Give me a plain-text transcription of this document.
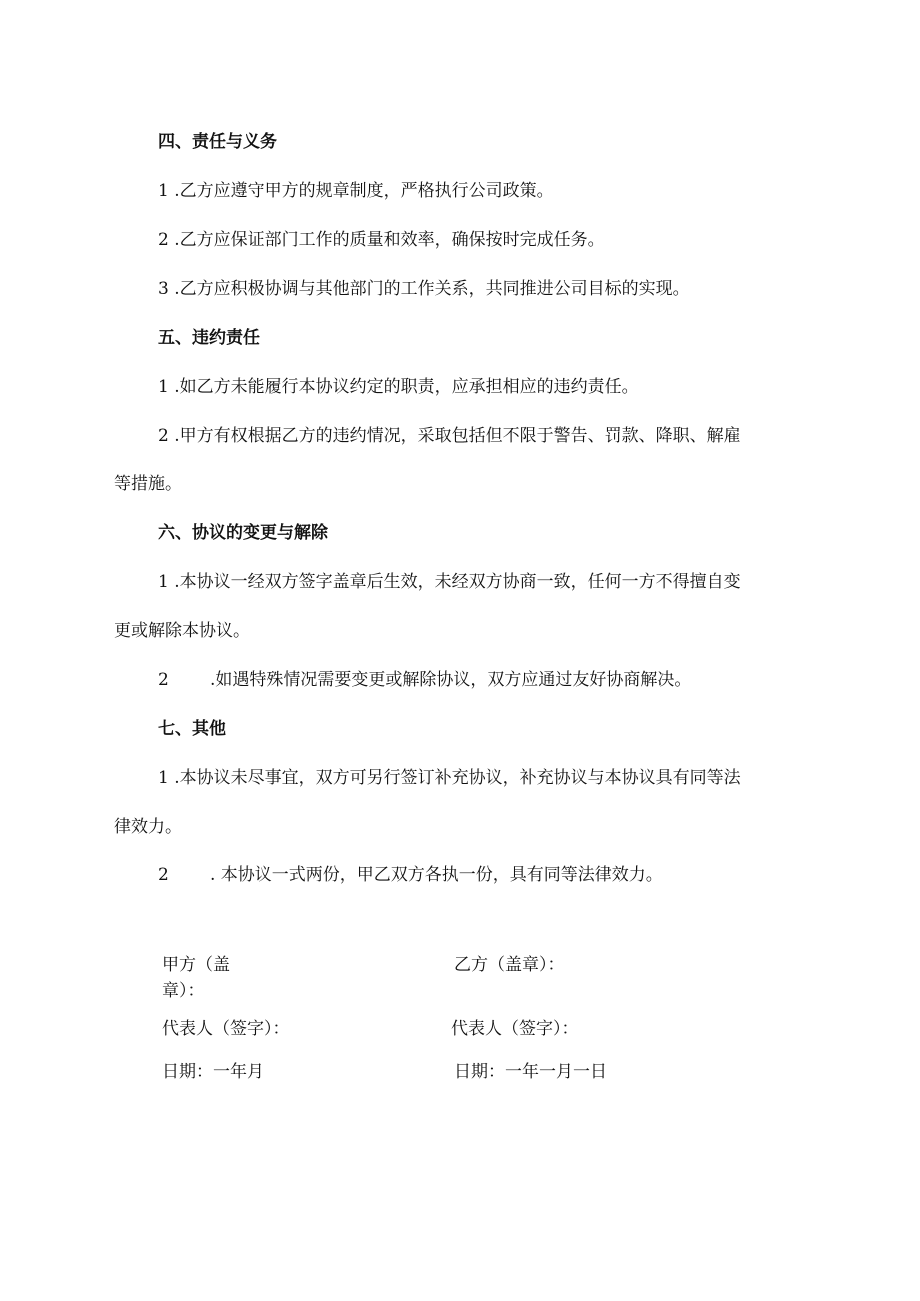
四、责任与义务
1 .乙方应遵守甲方的规章制度，严格执行公司政策。
2 .乙方应保证部门工作的质量和效率，确保按时完成任务。
3 .乙方应积极协调与其他部门的工作关系，共同推进公司目标的实现。
五、违约责任
1 .如乙方未能履行本协议约定的职责，应承担相应的违约责任。
2 .甲方有权根据乙方的违约情况，采取包括但不限于警告、罚款、降职、解雇
等措施。
六、协议的变更与解除
1 .本协议一经双方签字盖章后生效，未经双方协商一致，任何一方不得擅自变
更或解除本协议。
2 .如遇特殊情况需要变更或解除协议，双方应通过友好协商解决。
七、其他
1 .本协议未尽事宜，双方可另行签订补充协议，补充协议与本协议具有同等法
律效力。
2 . 本协议一式两份，甲乙双方各执一份，具有同等法律效力。
甲方（盖
章）：
乙方（盖章）：
代表人（签字）：	代表人（签字）：
日期：一年月	日期：一年一月一日
